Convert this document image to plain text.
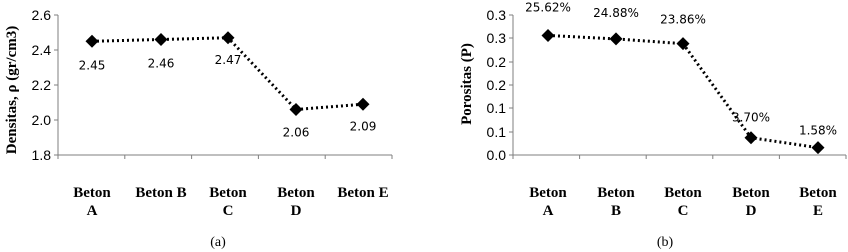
Densitas, ρ (gr/cm3)
(a)
Porositas (P)
(b)
1.8
2.0
2.2
2.4
2.6
2.45
Beton
A
2.46
Beton B
2.47
Beton
C
2.06
Beton
D
2.09
Beton E
0.0
0.1
0.1
0.2
0.2
0.3
0.3 25.62%
Beton
A
24.88%
Beton
B
23.86%
Beton
C
3.70%
Beton
D
1.58%
Beton
E
